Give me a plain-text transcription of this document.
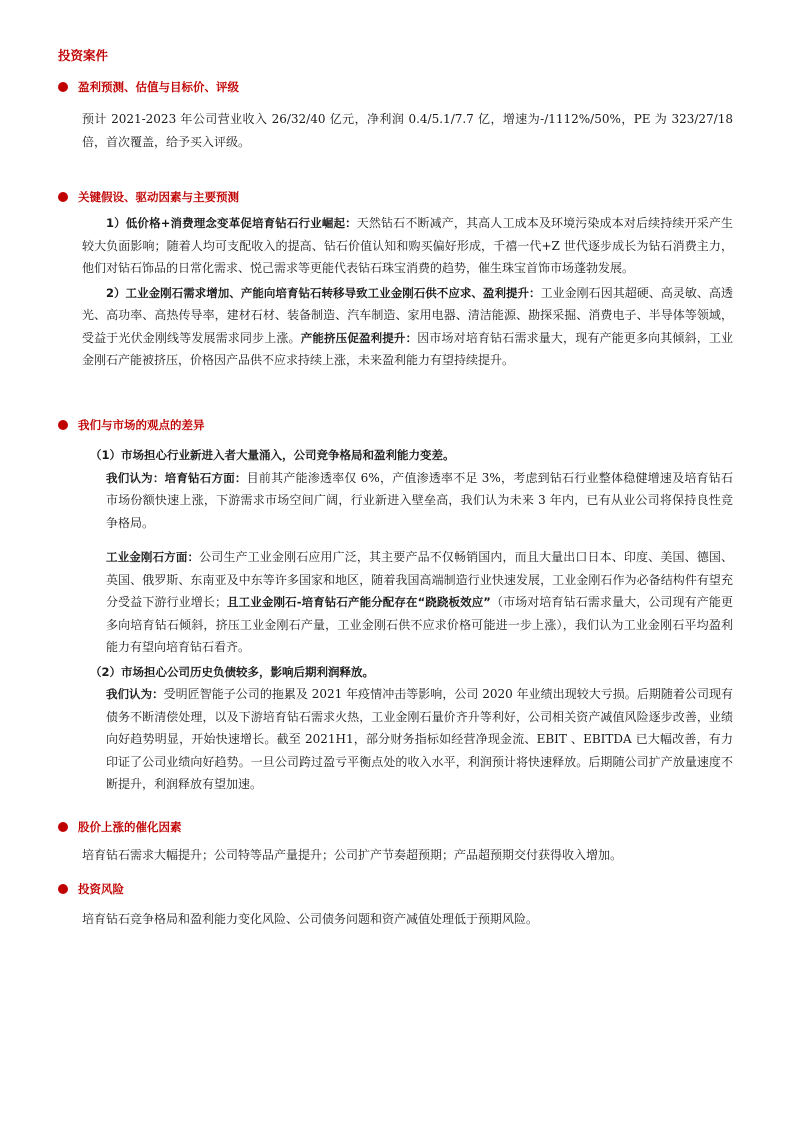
投资案件
盈利预测、估值与目标价、评级

预计 2021-2023 年公司营业收入 26/32/40 亿元，净利润 0.4/5.1/7.7 亿，增速为-/1112%/50%，PE 为 323/27/18 倍，首次覆盖，给予买入评级。

关键假设、驱动因素与主要预测

1）低价格+消费理念变革促培育钻石行业崛起：天然钻石不断减产，其高人工成本及环境污染成本对后续持续开采产生较大负面影响；随着人均可支配收入的提高、钻石价值认知和购买偏好形成，千禧一代+Z 世代逐步成长为钻石消费主力，他们对钻石饰品的日常化需求、悦己需求等更能代表钻石珠宝消费的趋势，催生珠宝首饰市场蓬勃发展。

2）工业金刚石需求增加、产能向培育钻石转移导致工业金刚石供不应求、盈利提升：工业金刚石因其超硬、高灵敏、高透光、高功率、高热传导率，建材石材、装备制造、汽车制造、家用电器、清洁能源、勘探采掘、消费电子、半导体等领域，受益于光伏金刚线等发展需求同步上涨。产能挤压促盈利提升：因市场对培育钻石需求量大，现有产能更多向其倾斜，工业金刚石产能被挤压，价格因产品供不应求持续上涨，未来盈利能力有望持续提升。

我们与市场的观点的差异

（1）市场担心行业新进入者大量涌入，公司竞争格局和盈利能力变差。

我们认为：培育钻石方面：目前其产能渗透率仅 6%，产值渗透率不足 3%，考虑到钻石行业整体稳健增速及培育钻石市场份额快速上涨，下游需求市场空间广阔，行业新进入壁垒高，我们认为未来 3 年内，已有从业公司将保持良性竞争格局。

工业金刚石方面：公司生产工业金刚石应用广泛，其主要产品不仅畅销国内，而且大量出口日本、印度、美国、德国、英国、俄罗斯、东南亚及中东等许多国家和地区，随着我国高端制造行业快速发展，工业金刚石作为必备结构件有望充分受益下游行业增长；且工业金刚石-培育钻石产能分配存在“跷跷板效应”（市场对培育钻石需求量大，公司现有产能更多向培育钻石倾斜，挤压工业金刚石产量，工业金刚石供不应求价格可能进一步上涨），我们认为工业金刚石平均盈利能力有望向培育钻石看齐。

（2）市场担心公司历史负债较多，影响后期利润释放。

我们认为：受明匠智能子公司的拖累及 2021 年疫情冲击等影响，公司 2020 年业绩出现较大亏损。后期随着公司现有债务不断清偿处理，以及下游培育钻石需求火热，工业金刚石量价齐升等利好，公司相关资产减值风险逐步改善，业绩向好趋势明显，开始快速增长。截至 2021H1，部分财务指标如经营净现金流、EBIT 、EBITDA 已大幅改善，有力印证了公司业绩向好趋势。一旦公司跨过盈亏平衡点处的收入水平，利润预计将快速释放。后期随公司扩产放量速度不断提升，利润释放有望加速。

股价上涨的催化因素

培育钻石需求大幅提升；公司特等品产量提升；公司扩产节奏超预期；产品超预期交付获得收入增加。

投资风险

培育钻石竞争格局和盈利能力变化风险、公司债务问题和资产减值处理低于预期风险。
